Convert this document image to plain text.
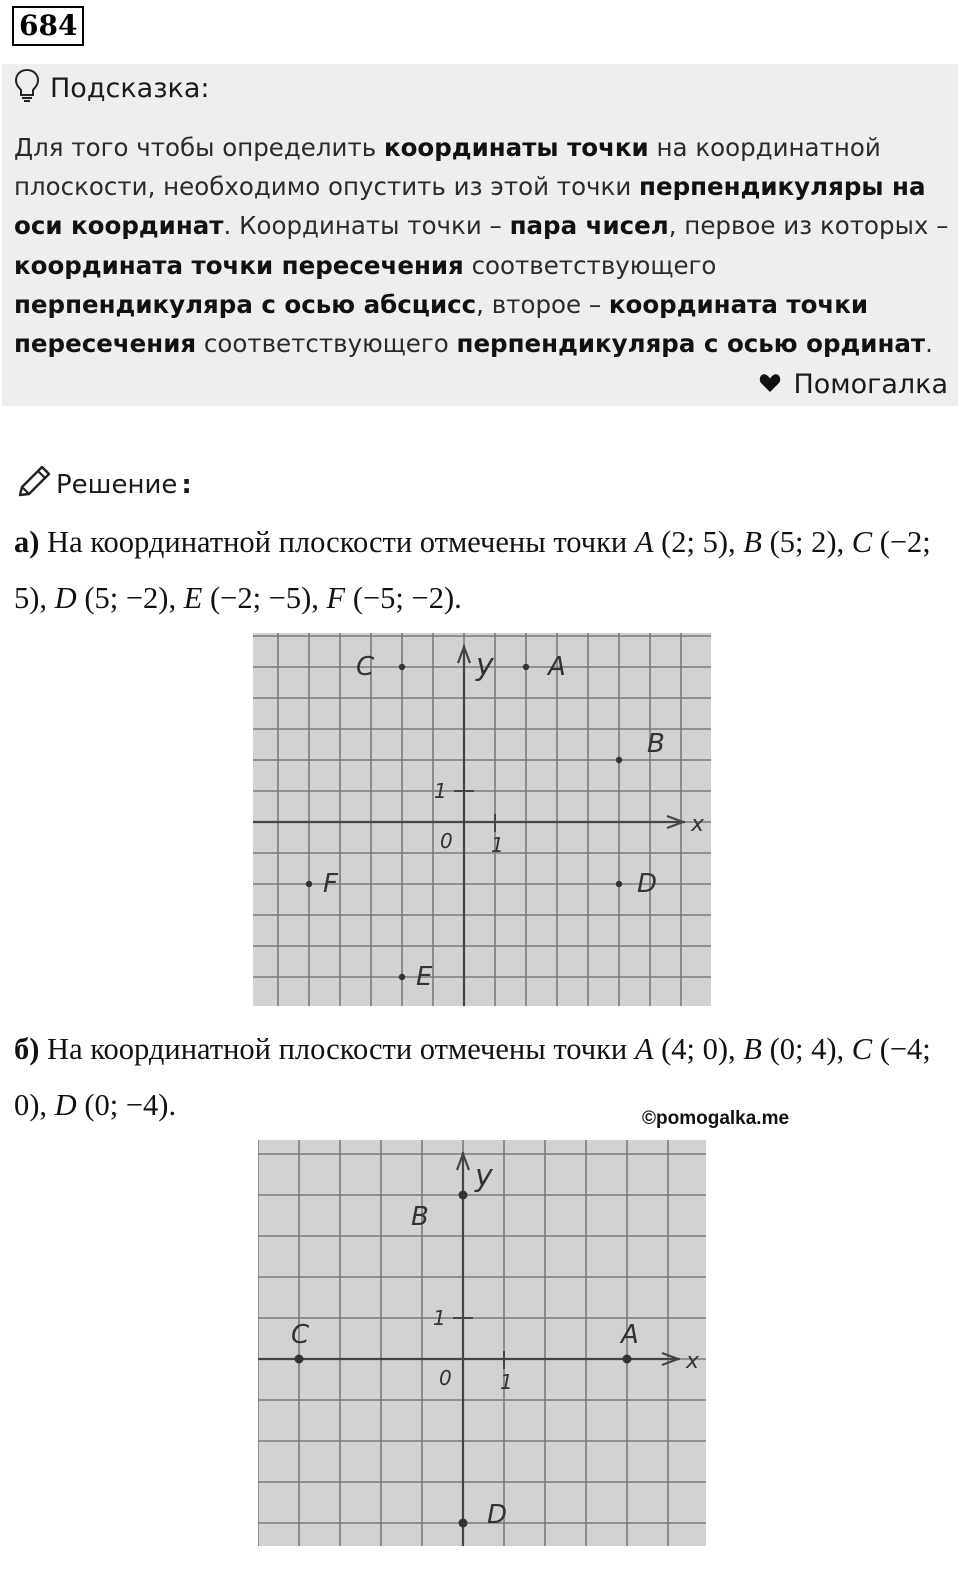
684
Подсказка:
Для того чтобы определить координаты точки на координатной плоскости, необходимо опустить из этой точки перпендикуляры на оси координат. Координаты точки – пара чисел, первое из которых – координата точки пересечения соответствующего перпендикуляра с осью абсцисс, второе – координата точки пересечения соответствующего перпендикуляра с осью ординат.
Помогалка
Решение :
а) На координатной плоскости отмечены точки A (2; 5), B (5; 2), C (−2; 5), D (5; −2), E (−2; −5), F (−5; −2).
x
y
0 1
1
A
B
C
D
E
F
б) На координатной плоскости отмечены точки A (4; 0), B (0; 4), C (−4; 0), D (0; −4).	©pomogalka.me
x
y
0 1
1
A
B
C
D
